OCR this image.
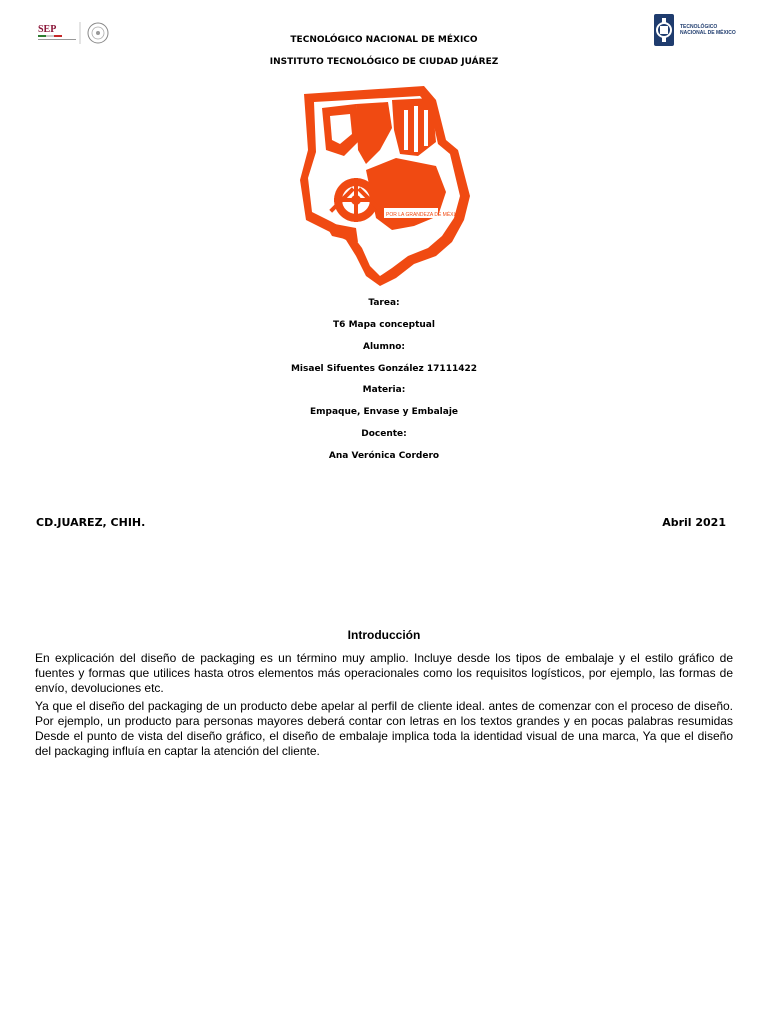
SEP	TECNOLÓGICO
NACIONAL DE MÉXICO
TECNOLÓGICO NACIONAL DE MÉXICO
INSTITUTO TECNOLÓGICO DE CIUDAD JUÁREZ
POR LA GRANDEZA DE MÉXICO
Tarea:
T6 Mapa conceptual
Alumno:
Misael Sifuentes González 17111422
Materia:
Empaque, Envase y Embalaje
Docente:
Ana Verónica Cordero
CD.JUAREZ, CHIH.	Abril 2021
Introducción

En explicación del diseño de packaging es un término muy amplio. Incluye desde los tipos de embalaje y el estilo gráfico de fuentes y formas que utilices hasta otros elementos más operacionales como los requisitos logísticos, por ejemplo, las formas de envío, devoluciones etc.

Ya que el diseño del packaging de un producto debe apelar al perfil de cliente ideal. antes de comenzar con el proceso de diseño. Por ejemplo, un producto para personas mayores deberá contar con letras en los textos grandes y en pocas palabras resumidas Desde el punto de vista del diseño gráfico, el diseño de embalaje implica toda la identidad visual de una marca, Ya que el diseño del packaging influía en captar la atención del cliente.
